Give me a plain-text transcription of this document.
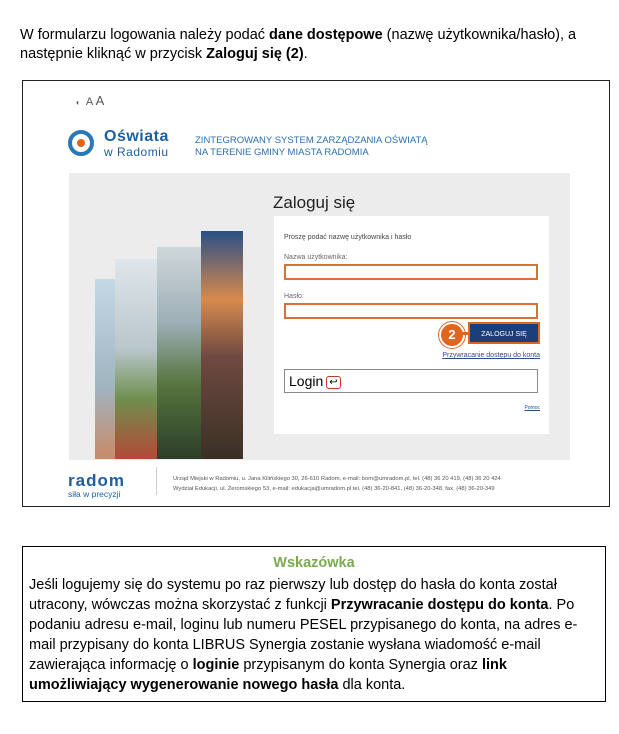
W formularzu logowania należy podać dane dostępowe (nazwę użytkownika/hasło), a następnie kliknąć w przycisk Zaloguj się (2).

◖ A A
Oświata
w Radomiu
ZINTEGROWANY SYSTEM ZARZĄDZANIA OŚWIATĄ
NA TERENIE GMINY MIASTA RADOMIA
Zaloguj się
Proszę podać nazwę użytkownika i hasło
Nazwa użytkownika:
Hasło:
2	ZALOGUJ SIĘ
Przywracanie dostępu do konta
Login ↩
Pomoc
radom
siła w precyzji
Urząd Miejski w Radomiu, u. Jana Kilińskiego 30, 26-610 Radom, e-mail: bom@umradom.pl, tel. (48) 36 20 419, (48) 36 20 424
Wydział Edukacji, ul. Żeromskiego 53, e-mail: edukacja@umradom.pl tel. (48) 36-20-841, (48) 36-20-348, fax. (48) 36-20-349
Wskazówka
Jeśli logujemy się do systemu po raz pierwszy lub dostęp do hasła do konta został utracony, wówczas można skorzystać z funkcji Przywracanie dostępu do konta. Po podaniu adresu e-mail, loginu lub numeru PESEL przypisanego do konta, na adres e-mail przypisany do konta LIBRUS Synergia zostanie wysłana wiadomość e-mail zawierająca informację o loginie przypisanym do konta Synergia oraz link umożliwiający wygenerowanie nowego hasła dla konta.
